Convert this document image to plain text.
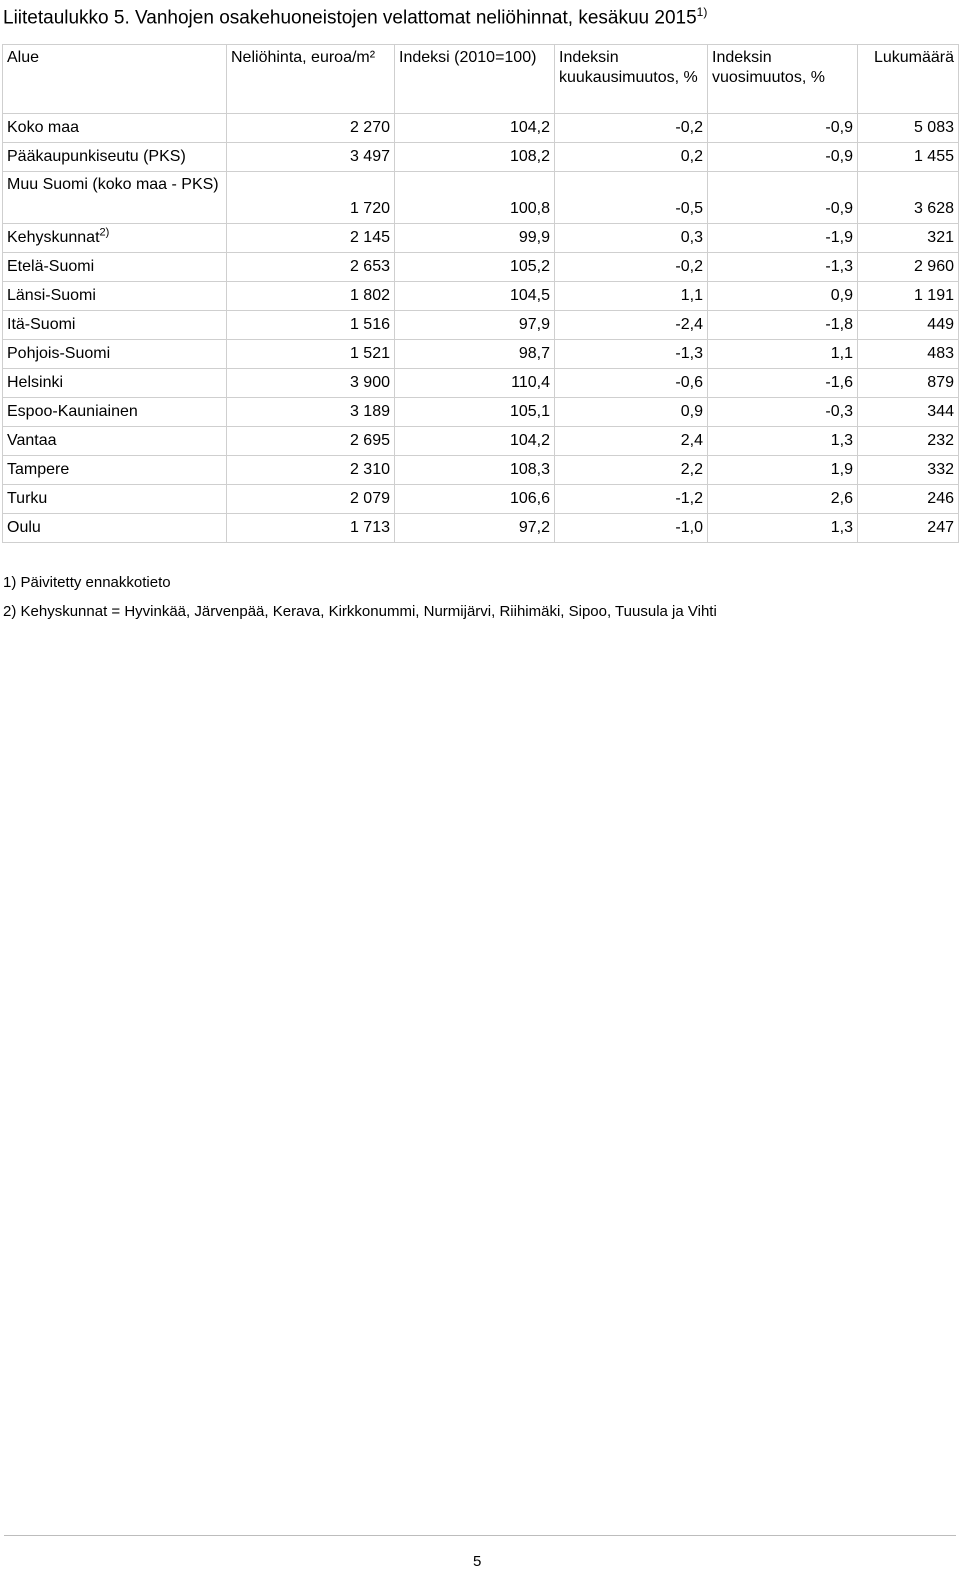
Liitetaulukko 5. Vanhojen osakehuoneistojen velattomat neliöhinnat, kesäkuu 2015$^{1)}$
Alue	Neliöhinta, euroa/m²	Indeksi (2010=100)	Indeksin kuukausimuutos, %	Indeksin vuosimuutos, %	Lukumäärä
Koko maa	2 270	104,2	-0,2	-0,9	5 083
Pääkaupunkiseutu (PKS)	3 497	108,2	0,2	-0,9	1 455
Muu Suomi (koko maa - PKS)	1 720	100,8	-0,5	-0,9	3 628
Kehyskunnat$^{2)}$	2 145	99,9	0,3	-1,9	321
Etelä-Suomi	2 653	105,2	-0,2	-1,3	2 960
Länsi-Suomi	1 802	104,5	1,1	0,9	1 191
Itä-Suomi	1 516	97,9	-2,4	-1,8	449
Pohjois-Suomi	1 521	98,7	-1,3	1,1	483
Helsinki	3 900	110,4	-0,6	-1,6	879
Espoo-Kauniainen	3 189	105,1	0,9	-0,3	344
Vantaa	2 695	104,2	2,4	1,3	232
Tampere	2 310	108,3	2,2	1,9	332
Turku	2 079	106,6	-1,2	2,6	246
Oulu	1 713	97,2	-1,0	1,3	247
1) Päivitetty ennakkotieto
2) Kehyskunnat = Hyvinkää, Järvenpää, Kerava, Kirkkonummi, Nurmijärvi, Riihimäki, Sipoo, Tuusula ja Vihti
5
